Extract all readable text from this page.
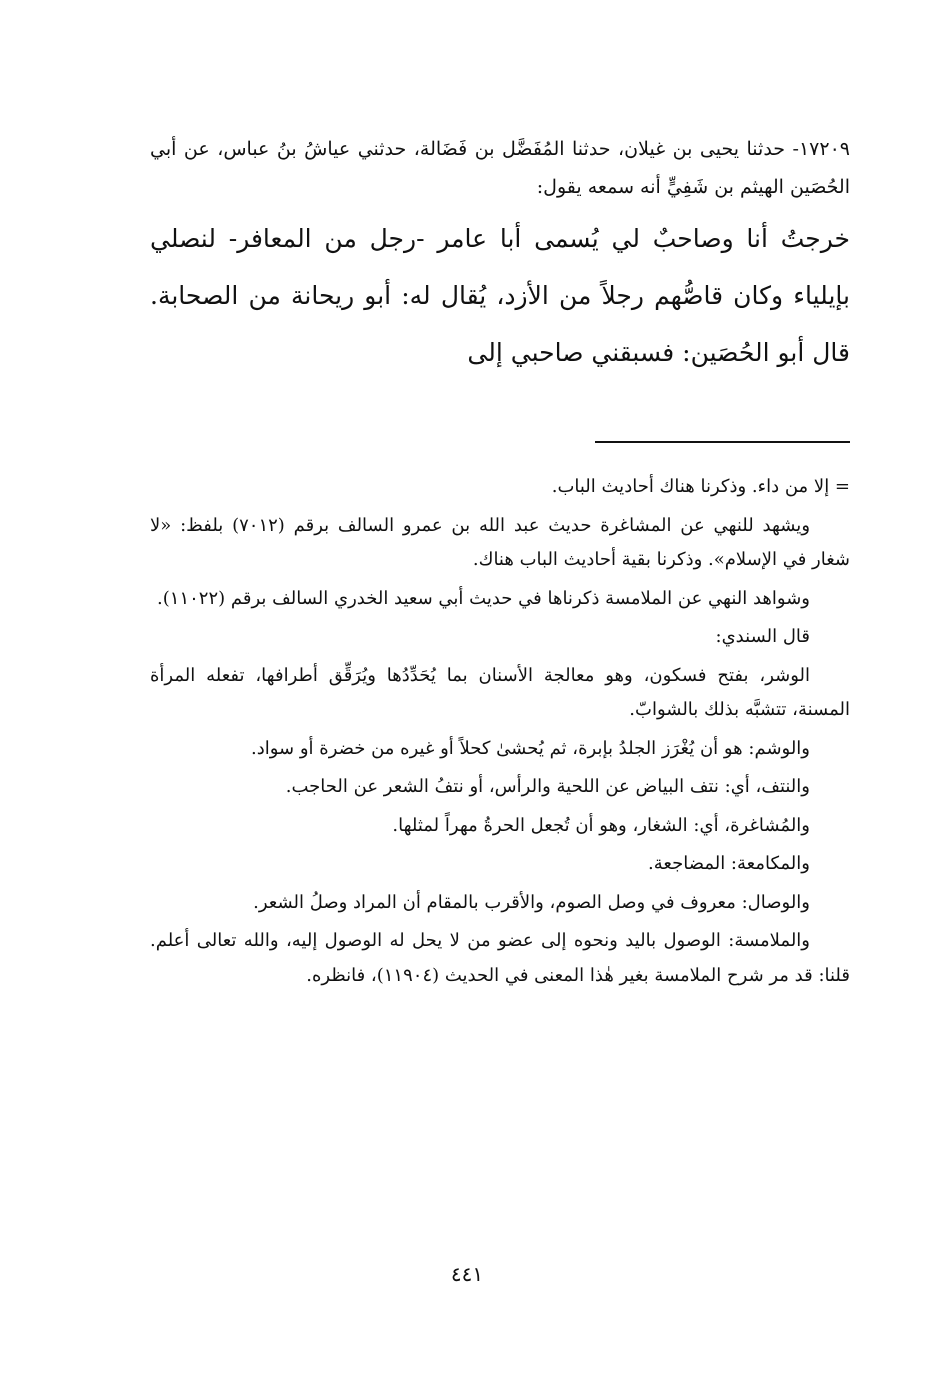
١٧٢٠٩- حدثنا يحيى بن غيلان، حدثنا المُفَضَّل بن فَضَالة، حدثني عياشُ بنُ عباس، عن أبي الحُصَين الهيثم بن شَفِيٍّ أنه سمعه يقول:

خرجتُ أنا وصاحبٌ لي يُسمى أبا عامر -رجل من المعافر- لنصلي بإيلياء وكان قاصُّهم رجلاً من الأزد، يُقال له: أبو ريحانة من الصحابة. قال أبو الحُصَين: فسبقني صاحبي إلى

= إلا من داء. وذكرنا هناك أحاديث الباب.

ويشهد للنهي عن المشاغرة حديث عبد الله بن عمرو السالف برقم (٧٠١٢) بلفظ: «لا شغار في الإسلام». وذكرنا بقية أحاديث الباب هناك.

وشواهد النهي عن الملامسة ذكرناها في حديث أبي سعيد الخدري السالف برقم (١١٠٢٢).

قال السندي:

الوشر، بفتح فسكون، وهو معالجة الأسنان بما يُحَدِّدُها ويُرَقِّق أطرافها، تفعله المرأة المسنة، تتشبَّه بذلك بالشوابّ.

والوشم: هو أن يُغْرَز الجلدُ بإبرة، ثم يُحشىٰ كحلاً أو غيره من خضرة أو سواد.

والنتف، أي: نتف البياض عن اللحية والرأس، أو نتفُ الشعر عن الحاجب.

والمُشاغرة، أي: الشغار، وهو أن تُجعل الحرةُ مهراً لمثلها.

والمكامعة: المضاجعة.

والوصال: معروف في وصل الصوم، والأقرب بالمقام أن المراد وصلُ الشعر.

والملامسة: الوصول باليد ونحوه إلى عضو من لا يحل له الوصول إليه، والله تعالى أعلم. قلنا: قد مر شرح الملامسة بغير هٰذا المعنى في الحديث (١١٩٠٤)، فانظره.

٤٤١
